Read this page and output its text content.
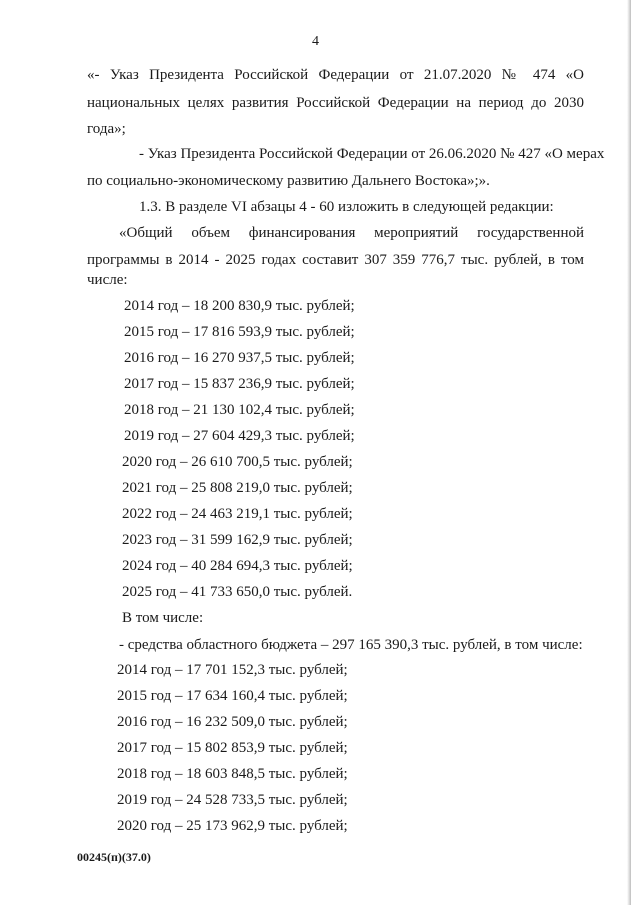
4
«- Указ Президента Российской Федерации от 21.07.2020 № 474 «О
национальных целях развития Российской Федерации на период до 2030
года»;
- Указ Президента Российской Федерации от 26.06.2020 № 427 «О мерах
по социально-экономическому развитию Дальнего Востока»;».
1.3. В разделе VI абзацы 4 - 60 изложить в следующей редакции:
«Общий объем финансирования мероприятий государственной
программы в 2014 - 2025 годах составит 307 359 776,7 тыс. рублей, в том
числе:
2014 год – 18 200 830,9 тыс. рублей;
2015 год – 17 816 593,9 тыс. рублей;
2016 год – 16 270 937,5 тыс. рублей;
2017 год – 15 837 236,9 тыс. рублей;
2018 год – 21 130 102,4 тыс. рублей;
2019 год – 27 604 429,3 тыс. рублей;
2020 год – 26 610 700,5 тыс. рублей;
2021 год – 25 808 219,0 тыс. рублей;
2022 год – 24 463 219,1 тыс. рублей;
2023 год – 31 599 162,9 тыс. рублей;
2024 год – 40 284 694,3 тыс. рублей;
2025 год – 41 733 650,0 тыс. рублей.
В том числе:
- средства областного бюджета – 297 165 390,3 тыс. рублей, в том числе:
2014 год – 17 701 152,3 тыс. рублей;
2015 год – 17 634 160,4 тыс. рублей;
2016 год – 16 232 509,0 тыс. рублей;
2017 год – 15 802 853,9 тыс. рублей;
2018 год – 18 603 848,5 тыс. рублей;
2019 год – 24 528 733,5 тыс. рублей;
2020 год – 25 173 962,9 тыс. рублей;
00245(п)(37.0)
